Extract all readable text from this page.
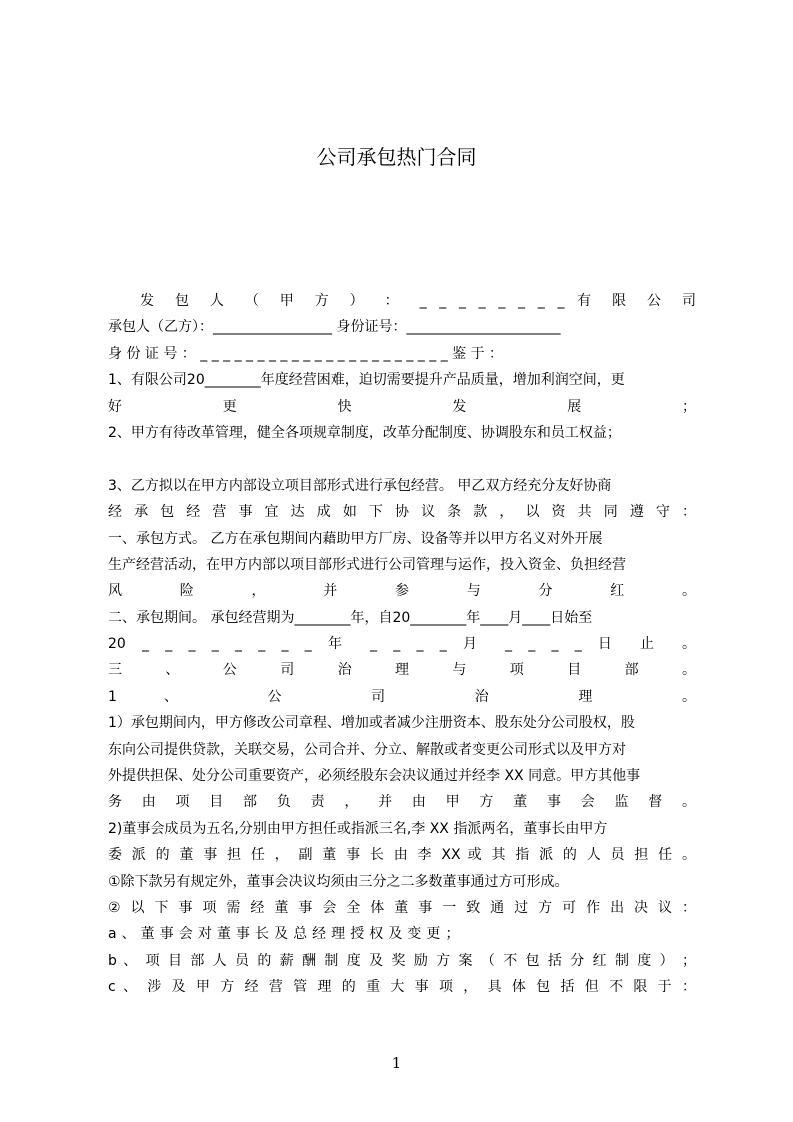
公司承包热门合同
发 包 人 （ 甲 方 ） ： _ _ _ _ _ _ _ _ 有 限 公 司
承包人（乙方）：_________________ 身份证号：______________________
身 份 证 号 ： _ _ _ _ _ _ _ _ _ _ _ _ _ _ _ _ _ _ _ _ _ _ 鉴 于 ：
1、有限公司20________年度经营困难，迫切需要提升产品质量，增加利润空间，更
好 更 快 发 展 ；
2、甲方有待改革管理，健全各项规章制度，改革分配制度、协调股东和员工权益；
3、乙方拟以在甲方内部设立项目部形式进行承包经营。 甲乙双方经充分友好协商
经 承 包 经 营 事 宜 达 成 如 下 协 议 条 款 ， 以 资 共 同 遵 守 ：
一、承包方式。 乙方在承包期间内藉助甲方厂房、设备等并以甲方名义对外开展
生产经营活动，在甲方内部以项目部形式进行公司管理与运作，投入资金、负担经营
风 险 ， 并 参 与 分 红 。
二、承包期间。 承包经营期为________年，自20________年____月____日始至
20 _ _ _ _ _ _ _ _ 年 _ _ _ _ 月 _ _ _ _ 日 止 。
三 、 公 司 治 理 与 项 目 部 。
1 、 公 司 治 理 。
1）承包期间内，甲方修改公司章程、增加或者减少注册资本、股东处分公司股权，股
东向公司提供贷款，关联交易，公司合并、分立、解散或者变更公司形式以及甲方对
外提供担保、处分公司重要资产，必须经股东会决议通过并经李 XX 同意。甲方其他事
务 由 项 目 部 负 责 ， 并 由 甲 方 董 事 会 监 督 。
2)董事会成员为五名,分别由甲方担任或指派三名,李 XX 指派两名，董事长由甲方
委 派 的 董 事 担 任 ， 副 董 事 长 由 李 XX 或 其 指 派 的 人 员 担 任 。
①除下款另有规定外，董事会决议均须由三分之二多数董事通过方可形成。
② 以 下 事 项 需 经 董 事 会 全 体 董 事 一 致 通 过 方 可 作 出 决 议 ：
a 、 董 事 会 对 董 事 长 及 总 经 理 授 权 及 变 更 ；
b 、 项 目 部 人 员 的 薪 酬 制 度 及 奖 励 方 案 （ 不 包 括 分 红 制 度 ） ；
c 、 涉 及 甲 方 经 营 管 理 的 重 大 事 项 ， 具 体 包 括 但 不 限 于 ：
1
